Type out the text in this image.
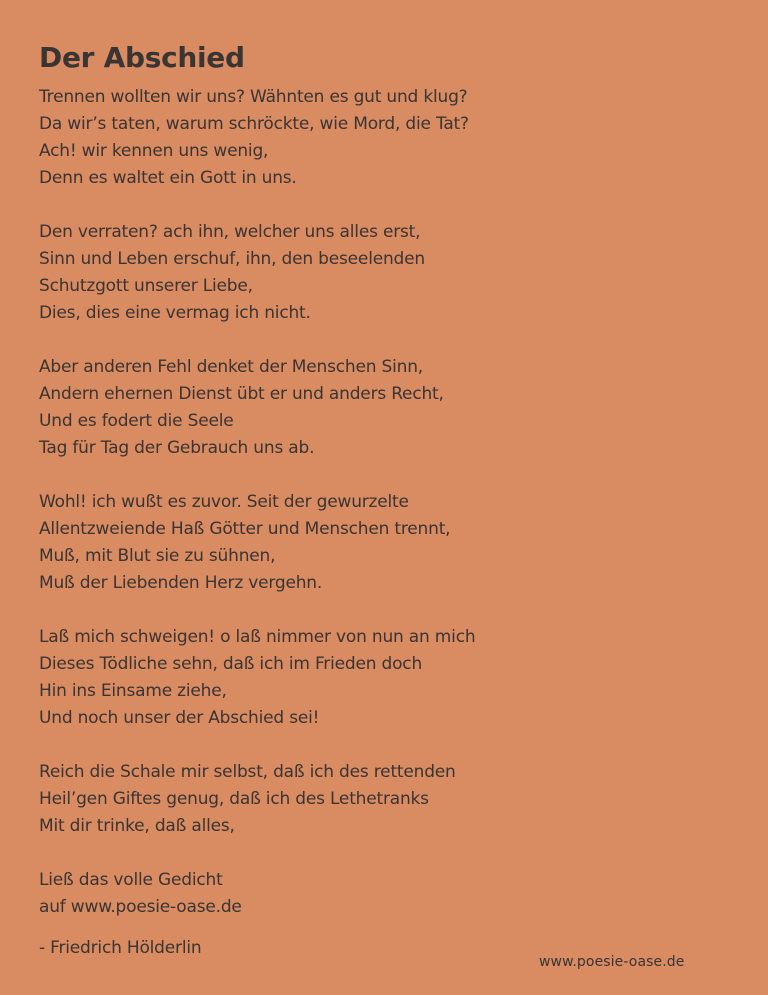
Der Abschied
Trennen wollten wir uns? Wähnten es gut und klug?
Da wir’s taten, warum schröckte, wie Mord, die Tat?
Ach! wir kennen uns wenig,
Denn es waltet ein Gott in uns.
Den verraten? ach ihn, welcher uns alles erst,
Sinn und Leben erschuf, ihn, den beseelenden
Schutzgott unserer Liebe,
Dies, dies eine vermag ich nicht.
Aber anderen Fehl denket der Menschen Sinn,
Andern ehernen Dienst übt er und anders Recht,
Und es fodert die Seele
Tag für Tag der Gebrauch uns ab.
Wohl! ich wußt es zuvor. Seit der gewurzelte
Allentzweiende Haß Götter und Menschen trennt,
Muß, mit Blut sie zu sühnen,
Muß der Liebenden Herz vergehn.
Laß mich schweigen! o laß nimmer von nun an mich
Dieses Tödliche sehn, daß ich im Frieden doch
Hin ins Einsame ziehe,
Und noch unser der Abschied sei!
Reich die Schale mir selbst, daß ich des rettenden
Heil’gen Giftes genug, daß ich des Lethetranks
Mit dir trinke, daß alles,
Ließ das volle Gedicht
auf www.poesie-oase.de
- Friedrich Hölderlin
www.poesie-oase.de
